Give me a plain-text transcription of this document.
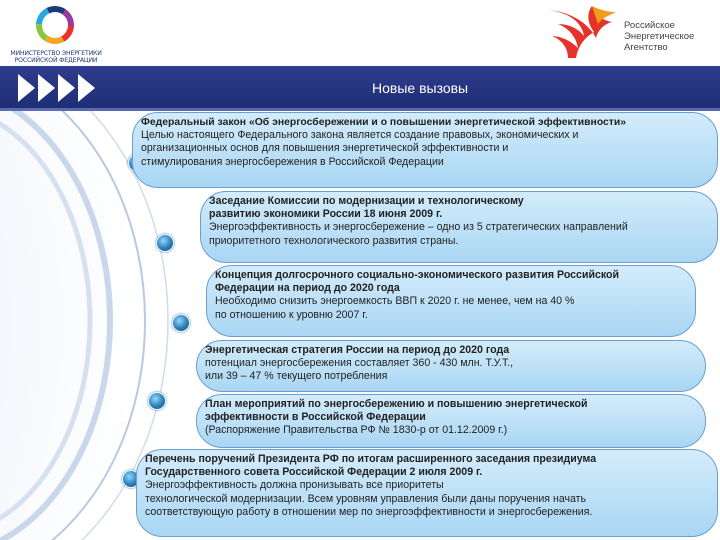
МИНИСТЕРСТВО ЭНЕРГЕТИКИ
РОССИЙСКОЙ ФЕДЕРАЦИИ
Российское
Энергетическое
Агентство
Новые вызовы
Федеральный закон «Об энергосбережении и о повышении энергетической эффективности»
Целью настоящего Федерального закона является создание правовых, экономических и
организационных основ для повышения энергетической эффективности и
стимулирования энергосбережения в Российской Федерации
Заседание Комиссии по модернизации и технологическому
развитию экономики России 18 июня 2009 г.
Энергоэффективность и энергосбережение – одно из 5 стратегических направлений
приоритетного технологического развития страны.
Концепция долгосрочного социально-экономического развития Российской
Федерации на период до 2020 года
Необходимо снизить энергоемкость ВВП к 2020 г. не менее, чем на 40 %
по отношению к уровню 2007 г.
Энергетическая стратегия России на период до 2020 года
потенциал энергосбережения составляет 360 - 430 млн. Т.У.Т.,
или 39 – 47 % текущего потребления
План мероприятий по энергосбережению и повышению энергетической
эффективности в Российской Федерации
(Распоряжение Правительства РФ № 1830-р от 01.12.2009 г.)
Перечень поручений Президента РФ по итогам расширенного заседания президиума
Государственного совета Российской Федерации 2 июля 2009 г.
Энергоэффективность должна пронизывать все приоритеты
технологической модернизации. Всем уровням управления были даны поручения начать
соответствующую работу в отношении мер по энергоэффективности и энергосбережения.
